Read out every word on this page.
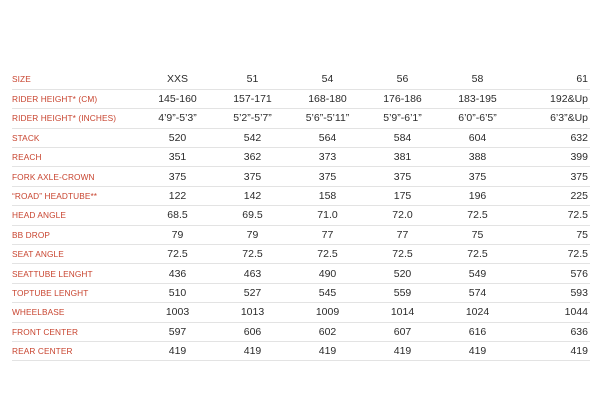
SIZE	XXS	51	54	56	58	61
RIDER HEIGHT* (CM)	145-160	157-171	168-180	176-186	183-195	192&Up
RIDER HEIGHT* (INCHES)	4’9”-5’3”	5’2”-5’7”	5’6”-5’11”	5’9”-6’1”	6’0”-6’5”	6’3”&Up
STACK	520	542	564	584	604	632
REACH	351	362	373	381	388	399
FORK AXLE-CROWN	375	375	375	375	375	375
“ROAD” HEADTUBE**	122	142	158	175	196	225
HEAD ANGLE	68.5	69.5	71.0	72.0	72.5	72.5
BB DROP	79	79	77	77	75	75
SEAT ANGLE	72.5	72.5	72.5	72.5	72.5	72.5
SEATTUBE LENGHT	436	463	490	520	549	576
TOPTUBE LENGHT	510	527	545	559	574	593
WHEELBASE	1003	1013	1009	1014	1024	1044
FRONT CENTER	597	606	602	607	616	636
REAR CENTER	419	419	419	419	419	419
